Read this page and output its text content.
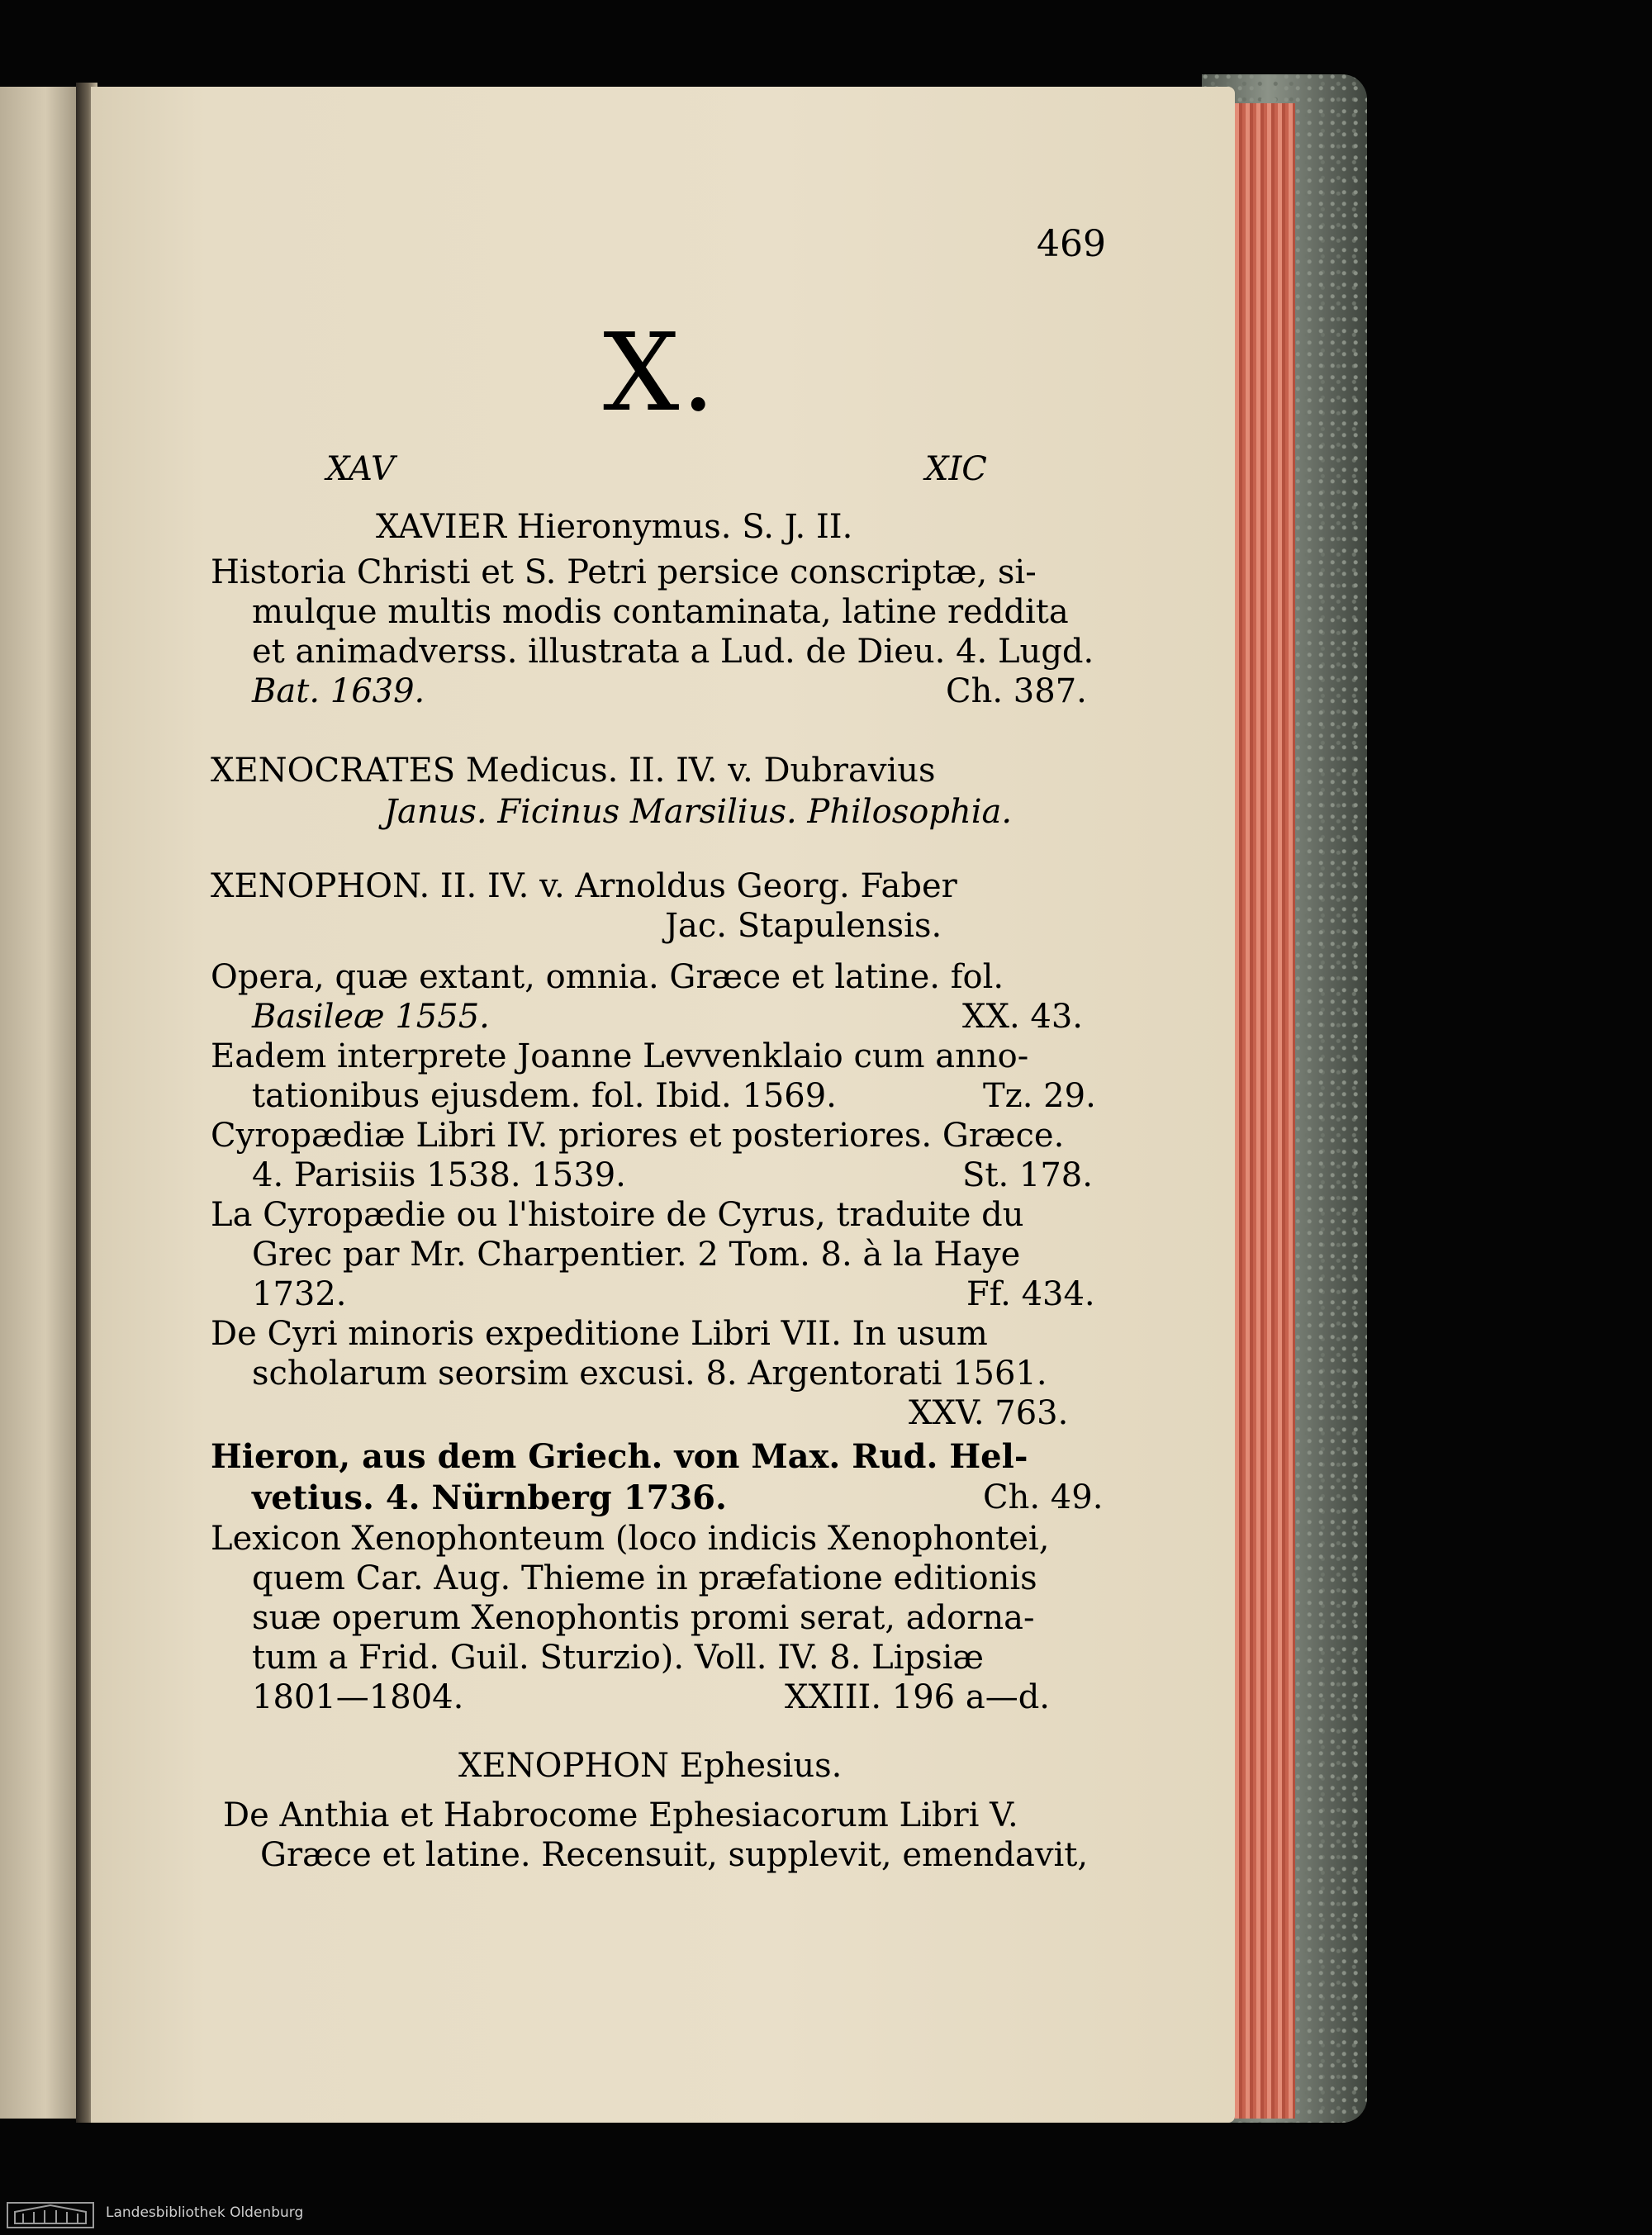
469
X.
XAV	XIC
XAVIER Hieronymus. S. J. II.
Historia Christi et S. Petri persice conscriptæ, si-
mulque multis modis contaminata, latine reddita
et animadverss. illustrata a Lud. de Dieu. 4. Lugd.
Bat. 1639.	Ch. 387.
XENOCRATES Medicus. II. IV. v. Dubravius
Janus. Ficinus Marsilius. Philosophia.
XENOPHON. II. IV. v. Arnoldus Georg. Faber
Jac. Stapulensis.
Opera, quæ extant, omnia. Græce et latine. fol.
Basileæ 1555.	XX. 43.
Eadem interprete Joanne Levvenklaio cum anno-
tationibus ejusdem. fol. Ibid. 1569.	Tz. 29.
Cyropædiæ Libri IV. priores et posteriores. Græce.
4. Parisiis 1538. 1539.	St. 178.
La Cyropædie ou l'histoire de Cyrus, traduite du
Grec par Mr. Charpentier. 2 Tom. 8. à la Haye
1732.	Ff. 434.
De Cyri minoris expeditione Libri VII. In usum
scholarum seorsim excusi. 8. Argentorati 1561.
XXV. 763.
Hieron, aus dem Griech. von Max. Rud. Hel-
vetius. 4. Nürnberg 1736.	Ch. 49.
Lexicon Xenophonteum (loco indicis Xenophontei,
quem Car. Aug. Thieme in præfatione editionis
suæ operum Xenophontis promi serat, adorna-
tum a Frid. Guil. Sturzio). Voll. IV. 8. Lipsiæ
1801—1804.	XXIII. 196 a—d.
XENOPHON Ephesius.
De Anthia et Habrocome Ephesiacorum Libri V.
Græce et latine. Recensuit, supplevit, emendavit,
Landesbibliothek Oldenburg
